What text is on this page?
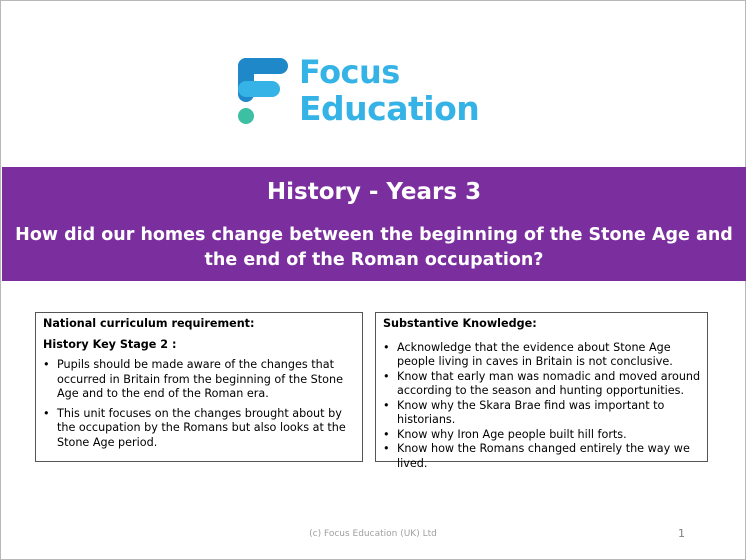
Focus
Education
History - Years 3
How did our homes change between the beginning of the Stone Age and the end of the Roman occupation?
National curriculum requirement:
History Key Stage 2 :
• Pupils should be made aware of the changes that occurred in Britain from the beginning of the Stone Age and to the end of the Roman era.
• This unit focuses on the changes brought about by the occupation by the Romans but also looks at the Stone Age period.
Substantive Knowledge:
• Acknowledge that the evidence about Stone Age people living in caves in Britain is not conclusive.
• Know that early man was nomadic and moved around according to the season and hunting opportunities.
• Know why the Skara Brae find was important to historians.
• Know why Iron Age people built hill forts.
• Know how the Romans changed entirely the way we lived.
(c) Focus Education (UK) Ltd	1
